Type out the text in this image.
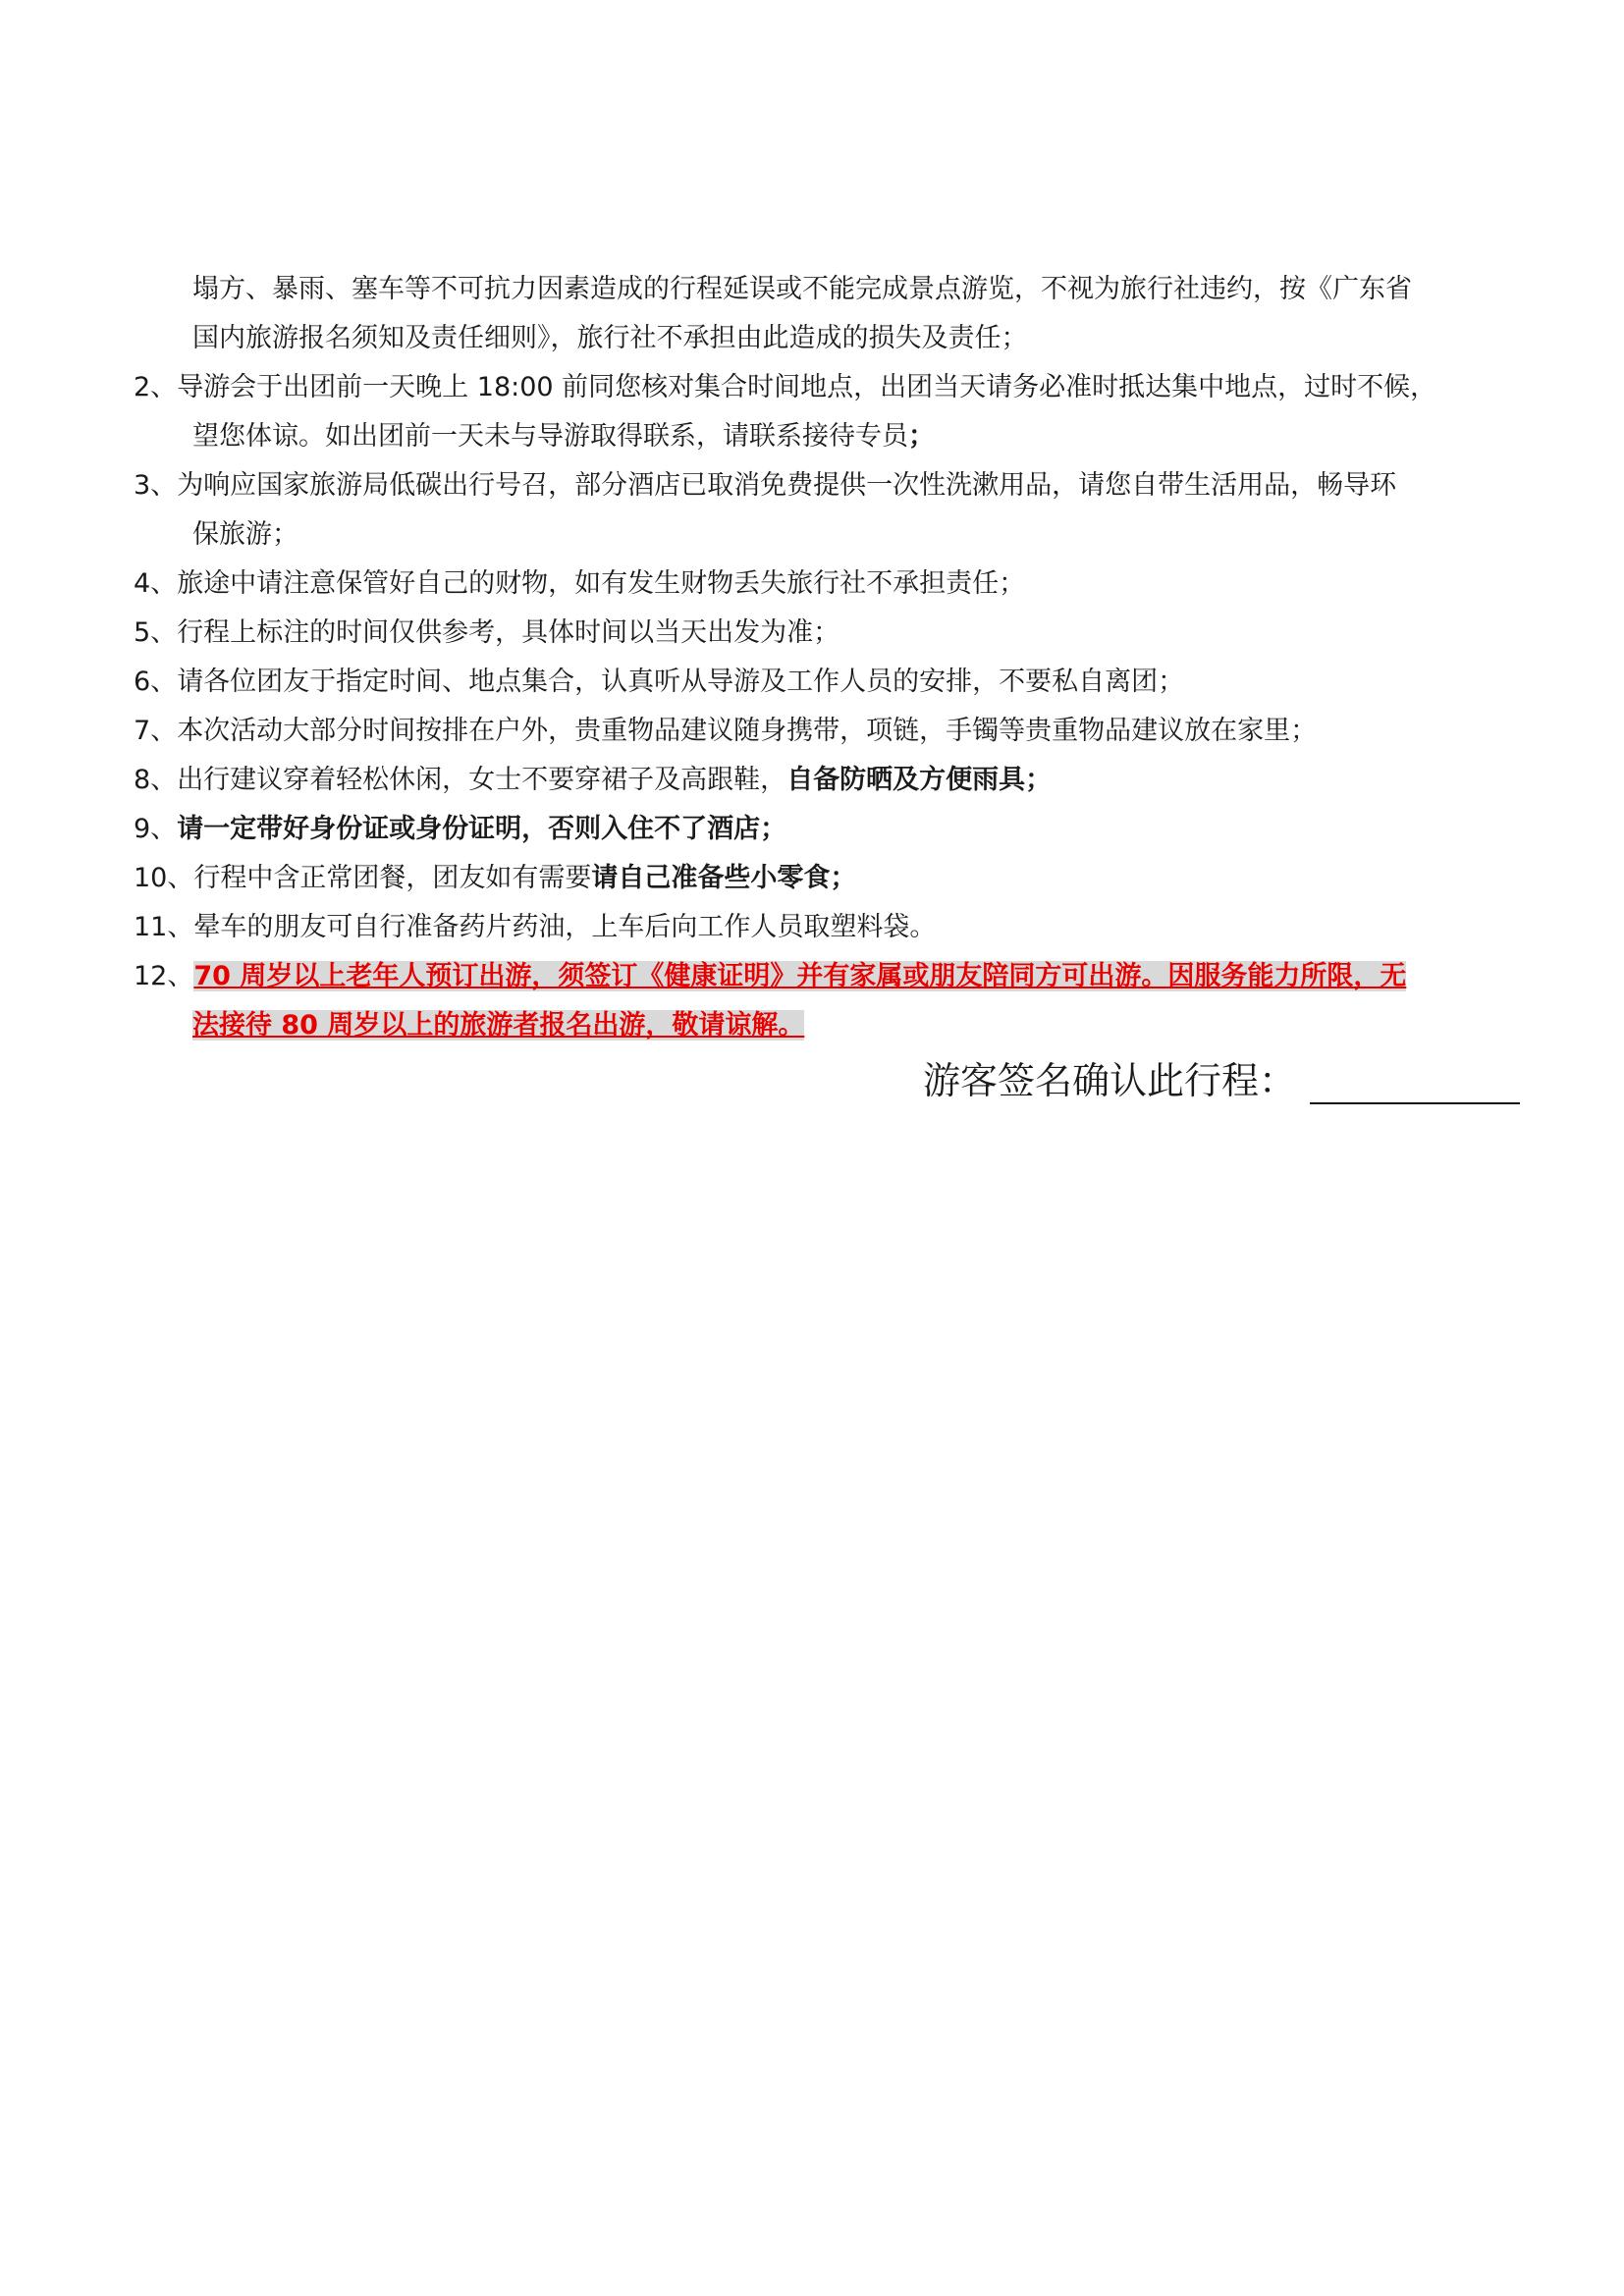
塌方、暴雨、塞车等不可抗力因素造成的行程延误或不能完成景点游览，不视为旅行社违约，按《广东省
国内旅游报名须知及责任细则》，旅行社不承担由此造成的损失及责任；
2、导游会于出团前一天晚上 18:00 前同您核对集合时间地点，出团当天请务必准时抵达集中地点，过时不候，
望您体谅。如出团前一天未与导游取得联系，请联系接待专员；
3、为响应国家旅游局低碳出行号召，部分酒店已取消免费提供一次性洗漱用品，请您自带生活用品，畅导环
保旅游；
4、旅途中请注意保管好自己的财物，如有发生财物丢失旅行社不承担责任；
5、行程上标注的时间仅供参考，具体时间以当天出发为准；
6、请各位团友于指定时间、地点集合，认真听从导游及工作人员的安排，不要私自离团；
7、本次活动大部分时间按排在户外，贵重物品建议随身携带，项链，手镯等贵重物品建议放在家里；
8、出行建议穿着轻松休闲，女士不要穿裙子及高跟鞋，自备防晒及方便雨具；
9、请一定带好身份证或身份证明，否则入住不了酒店；
10、行程中含正常团餐，团友如有需要请自己准备些小零食；
11、晕车的朋友可自行准备药片药油，上车后向工作人员取塑料袋。
12、70 周岁以上老年人预订出游，须签订《健康证明》并有家属或朋友陪同方可出游。因服务能力所限，无
法接待 80 周岁以上的旅游者报名出游，敬请谅解。
游客签名确认此行程：
